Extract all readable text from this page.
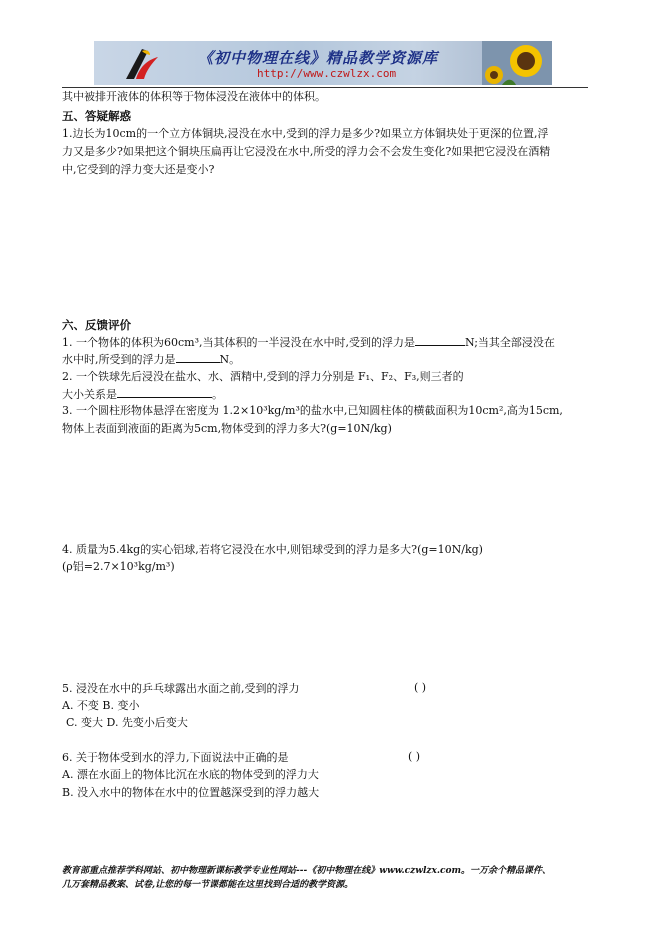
《初中物理在线》精品教学资源库
http://www.czwlzx.com
其中被排开液体的体积等于物体浸没在液体中的体积。
五、答疑解惑
1.边长为10cm的一个立方体铜块,浸没在水中,受到的浮力是多少?如果立方体铜块处于更深的位置,浮
力又是多少?如果把这个铜块压扁再让它浸没在水中,所受的浮力会不会发生变化?如果把它浸没在酒精
中,它受到的浮力变大还是变小?
六、反馈评价
1. 一个物体的体积为60cm³,当其体积的一半浸没在水中时,受到的浮力是	N;当其全部浸没在
水中时,所受到的浮力是	N。
2. 一个铁球先后浸没在盐水、水、酒精中,受到的浮力分别是 F₁、F₂、F₃,则三者的
大小关系是	。
3. 一个圆柱形物体悬浮在密度为 1.2×10³kg/m³的盐水中,已知圆柱体的横截面积为10cm²,高为15cm,
物体上表面到液面的距离为5cm,物体受到的浮力多大?(g=10N/kg)
4. 质量为5.4kg的实心铝球,若将它浸没在水中,则铝球受到的浮力是多大?(g=10N/kg)
(ρ铝=2.7×10³kg/m³)
5. 浸没在水中的乒乓球露出水面之前,受到的浮力	( )
A. 不变 B. 变小
C. 变大 D. 先变小后变大
6. 关于物体受到水的浮力,下面说法中正确的是	( )
A. 漂在水面上的物体比沉在水底的物体受到的浮力大
B. 没入水中的物体在水中的位置越深受到的浮力越大
教育部重点推荐学科网站、初中物理新课标教学专业性网站---《初中物理在线》www.czwlzx.com。一万余个精品课件、
几万套精品教案、试卷,让您的每一节课都能在这里找到合适的教学资源。
